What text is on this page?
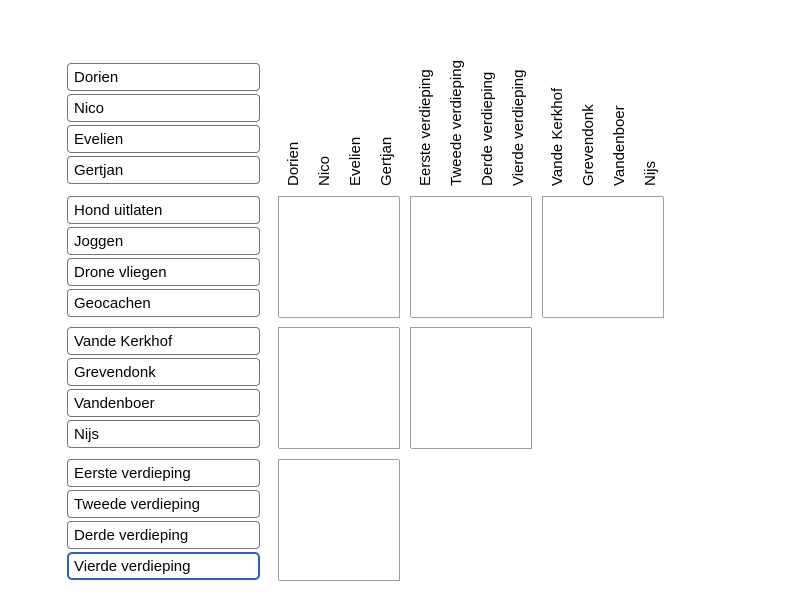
Dorien
Nico
Evelien
Gertjan
Hond uitlaten
Joggen
Drone vliegen
Geocachen
Vande Kerkhof
Grevendonk
Vandenboer
Nijs
Eerste verdieping
Tweede verdieping
Derde verdieping
Vierde verdieping
Dorien Nico Evelien Gertjan Eerste verdieping Tweede verdieping Derde verdieping Vierde verdieping Vande Kerkhof Grevendonk Vandenboer Nijs
